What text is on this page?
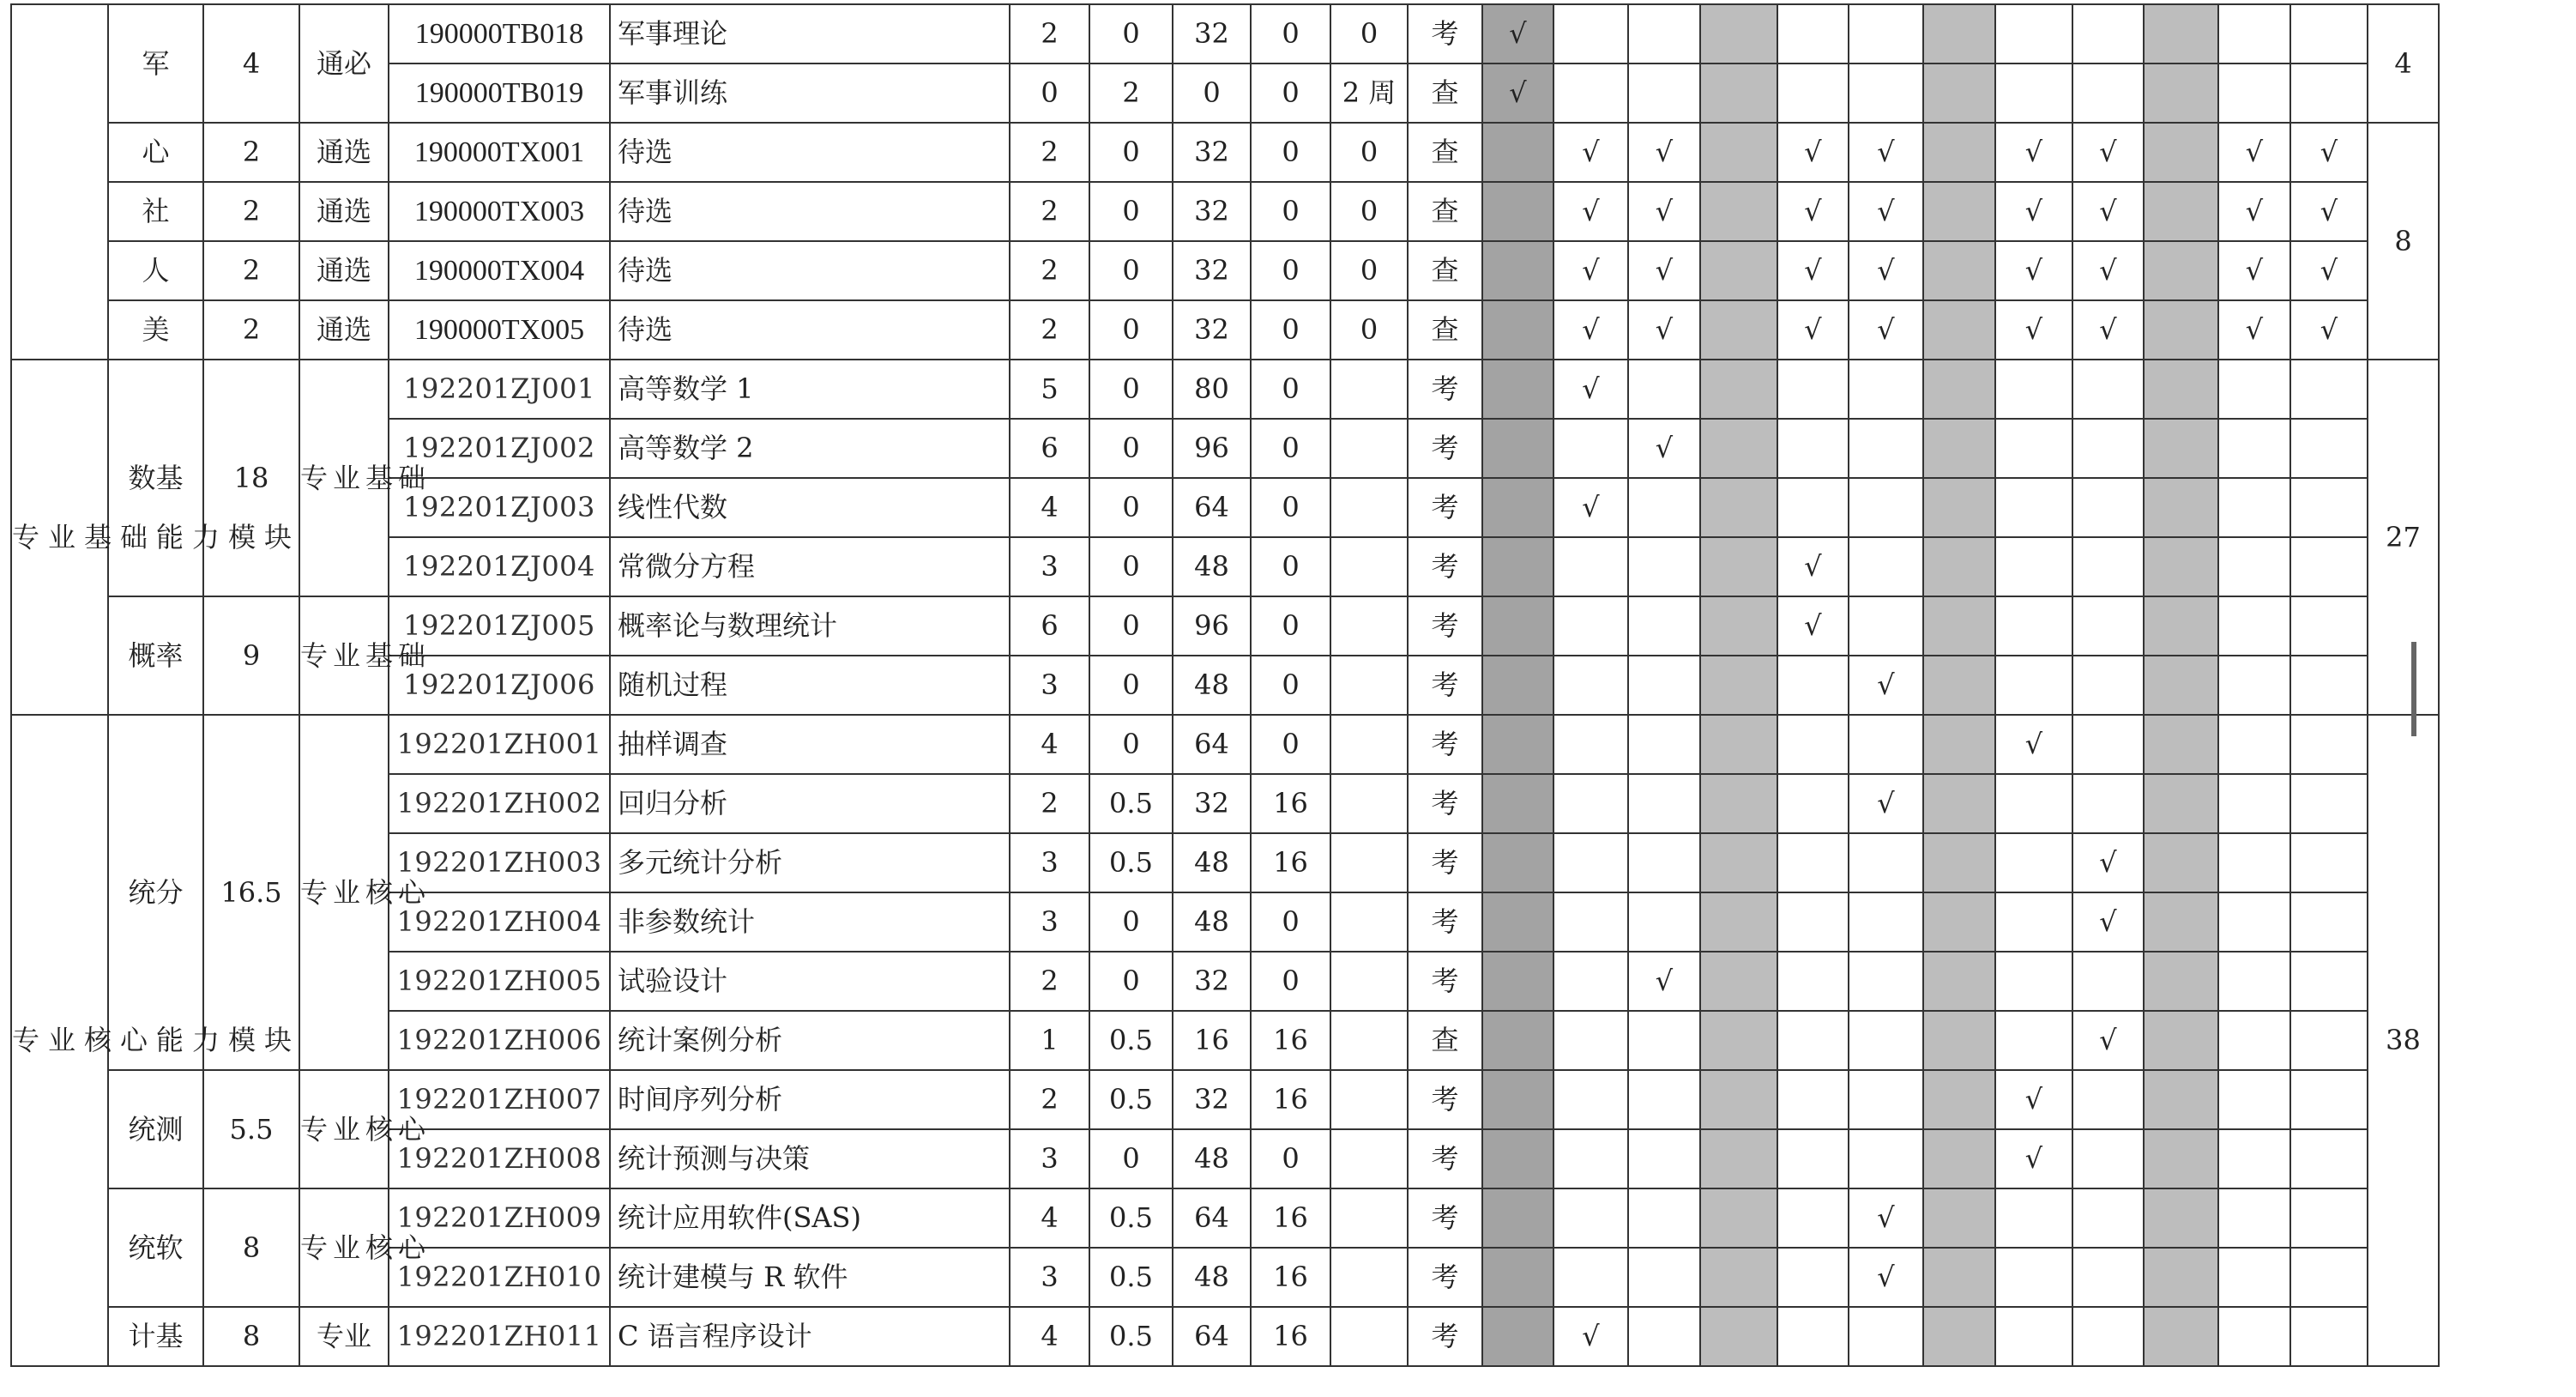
	军	4	通必	190000TB018	军事理论	2	0	32	0	0	考	√												4
				190000TB019	军事训练	0	2	0	0	2 周	查	√												
	心	2	通选	190000TX001	待选	2	0	32	0	0	查		√	√		√	√		√	√		√	√	8
	社	2	通选	190000TX003	待选	2	0	32	0	0	查		√	√		√	√		√	√		√	√	
	人	2	通选	190000TX004	待选	2	0	32	0	0	查		√	√		√	√		√	√		√	√	
	美	2	通选	190000TX005	待选	2	0	32	0	0	查		√	√		√	√		√	√		√	√	
专业基础能力模块	数基	18	专业基础	192201ZJ001	高等数学 1	5	0	80	0		考		√											27
				192201ZJ002	高等数学 2	6	0	96	0		考			√										
				192201ZJ003	线性代数	4	0	64	0		考		√											
				192201ZJ004	常微分方程	3	0	48	0		考					√								
	概率	9	专业基础	192201ZJ005	概率论与数理统计	6	0	96	0		考					√								
				192201ZJ006	随机过程	3	0	48	0		考						√							
专业核心能力模块	统分	16.5	专业核心	192201ZH001	抽样调查	4	0	64	0		考								√					38
				192201ZH002	回归分析	2	0.5	32	16		考						√							
				192201ZH003	多元统计分析	3	0.5	48	16		考									√				
				192201ZH004	非参数统计	3	0	48	0		考									√				
				192201ZH005	试验设计	2	0	32	0		考			√										
				192201ZH006	统计案例分析	1	0.5	16	16		查									√				
	统测	5.5	专业核心	192201ZH007	时间序列分析	2	0.5	32	16		考								√					
				192201ZH008	统计预测与决策	3	0	48	0		考								√					
	统软	8	专业核心	192201ZH009	统计应用软件(SAS)	4	0.5	64	16		考						√							
				192201ZH010	统计建模与 R 软件	3	0.5	48	16		考						√							
	计基	8	专业	192201ZH011	C 语言程序设计	4	0.5	64	16		考		√											
